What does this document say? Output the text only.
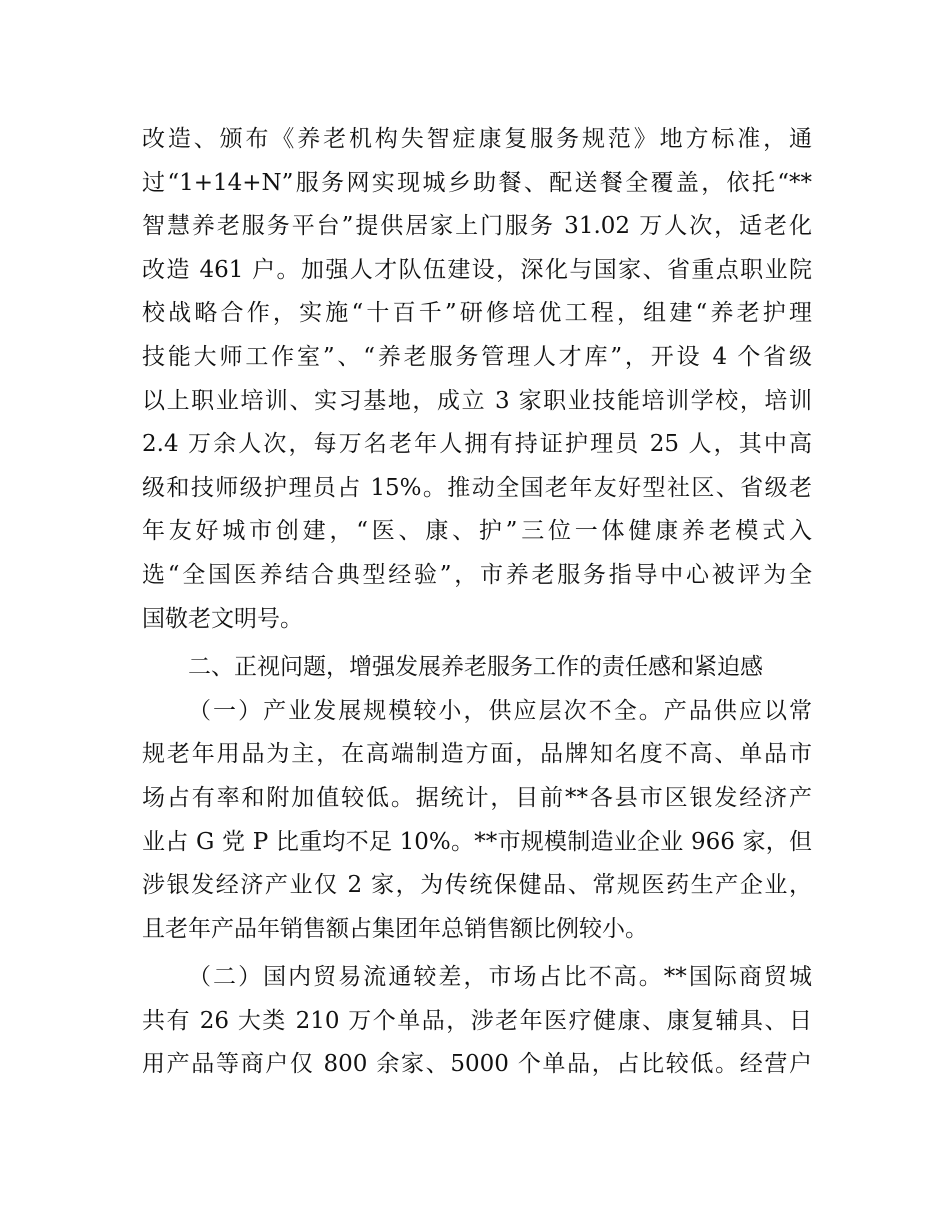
改造、颁布《养老机构失智症康复服务规范》地方标准，通
过“1+14+N”服务网实现城乡助餐、配送餐全覆盖，依托“**
智慧养老服务平台”提供居家上门服务 31.02 万人次，适老化
改造 461 户。加强人才队伍建设，深化与国家、省重点职业院
校战略合作，实施“十百千”研修培优工程，组建“养老护理
技能大师工作室”、“养老服务管理人才库”，开设 4 个省级
以上职业培训、实习基地，成立 3 家职业技能培训学校，培训
2.4 万余人次，每万名老年人拥有持证护理员 25 人，其中高
级和技师级护理员占 15%。推动全国老年友好型社区、省级老
年友好城市创建，“医、康、护”三位一体健康养老模式入
选“全国医养结合典型经验”，市养老服务指导中心被评为全
国敬老文明号。
二、正视问题，增强发展养老服务工作的责任感和紧迫感
（一）产业发展规模较小，供应层次不全。产品供应以常
规老年用品为主，在高端制造方面，品牌知名度不高、单品市
场占有率和附加值较低。据统计，目前**各县市区银发经济产
业占 G 党 P 比重均不足 10%。**市规模制造业企业 966 家，但
涉银发经济产业仅 2 家，为传统保健品、常规医药生产企业，
且老年产品年销售额占集团年总销售额比例较小。
（二）国内贸易流通较差，市场占比不高。**国际商贸城
共有 26 大类 210 万个单品，涉老年医疗健康、康复辅具、日
用产品等商户仅 800 余家、5000 个单品，占比较低。经营户
